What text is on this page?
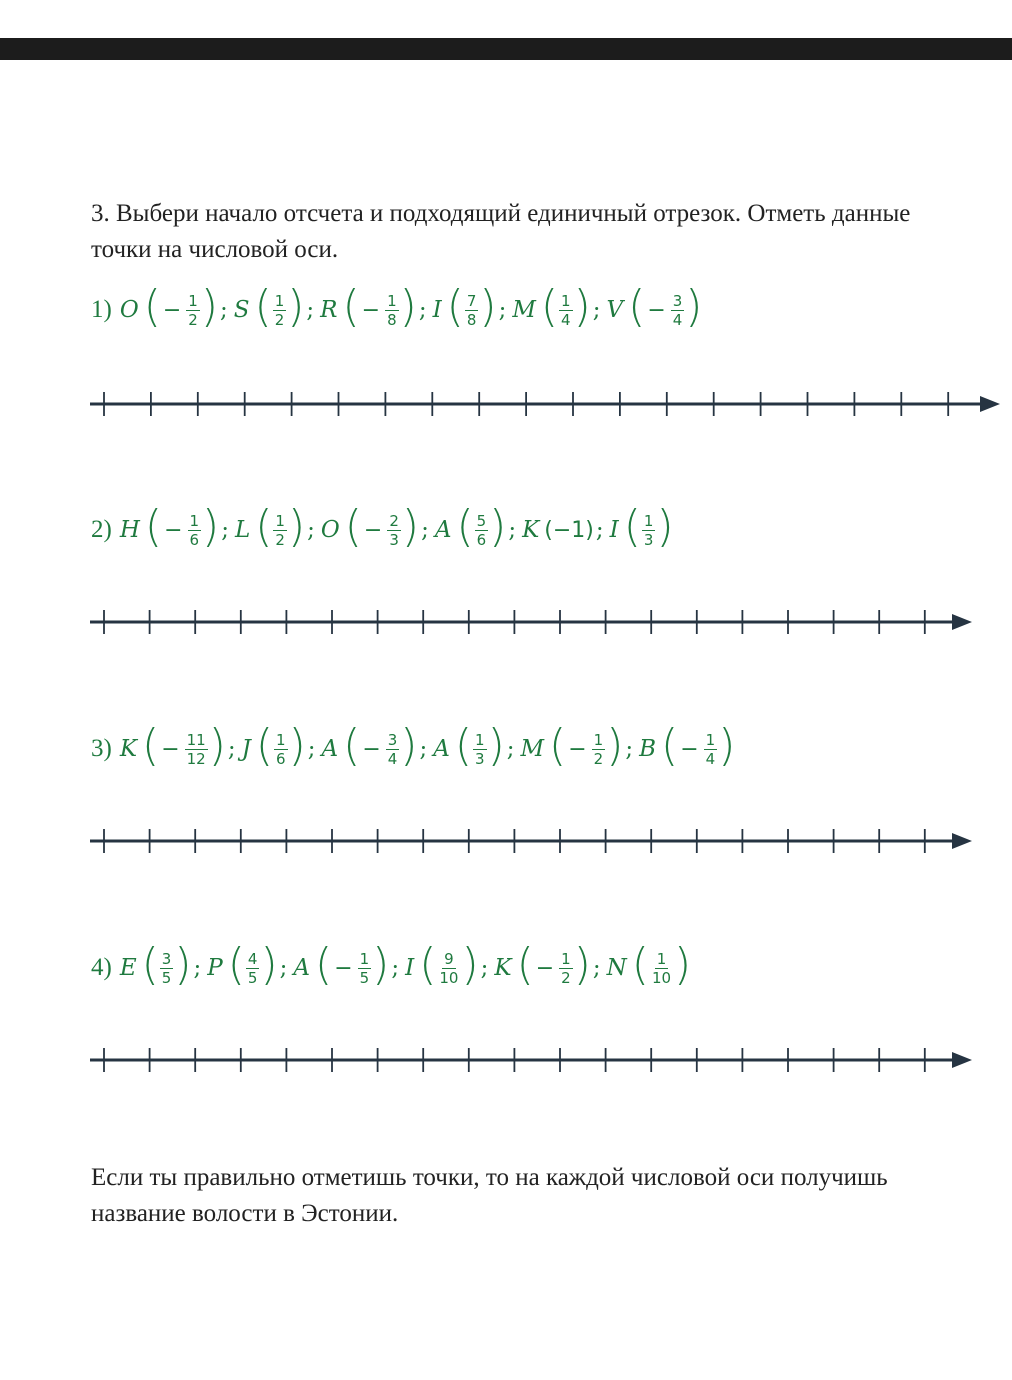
3. Выбери начало отсчета и подходящий единичный отрезок. Отметь данные

точки на числовой оси.

1) O ( − $\frac{1}{2}$ ) ; S ( $\frac{1}{2}$ ) ; R ( − $\frac{1}{8}$ ) ; I ( $\frac{7}{8}$ ) ; M ( $\frac{1}{4}$ ) ; V ( − $\frac{3}{4}$ )
2) H ( − $\frac{1}{6}$ ) ; L ( $\frac{1}{2}$ ) ; O ( − $\frac{2}{3}$ ) ; A ( $\frac{5}{6}$ ) ; K (−1) ; I ( $\frac{1}{3}$ )
3) K ( − $\frac{11}{12}$ ) ; J ( $\frac{1}{6}$ ) ; A ( − $\frac{3}{4}$ ) ; A ( $\frac{1}{3}$ ) ; M ( − $\frac{1}{2}$ ) ; B ( − $\frac{1}{4}$ )
4) E ( $\frac{3}{5}$ ) ; P ( $\frac{4}{5}$ ) ; A ( − $\frac{1}{5}$ ) ; I ( $\frac{9}{10}$ ) ; K ( − $\frac{1}{2}$ ) ; N ( $\frac{1}{10}$ )

Если ты правильно отметишь точки, то на каждой числовой оси получишь

название волости в Эстонии.
